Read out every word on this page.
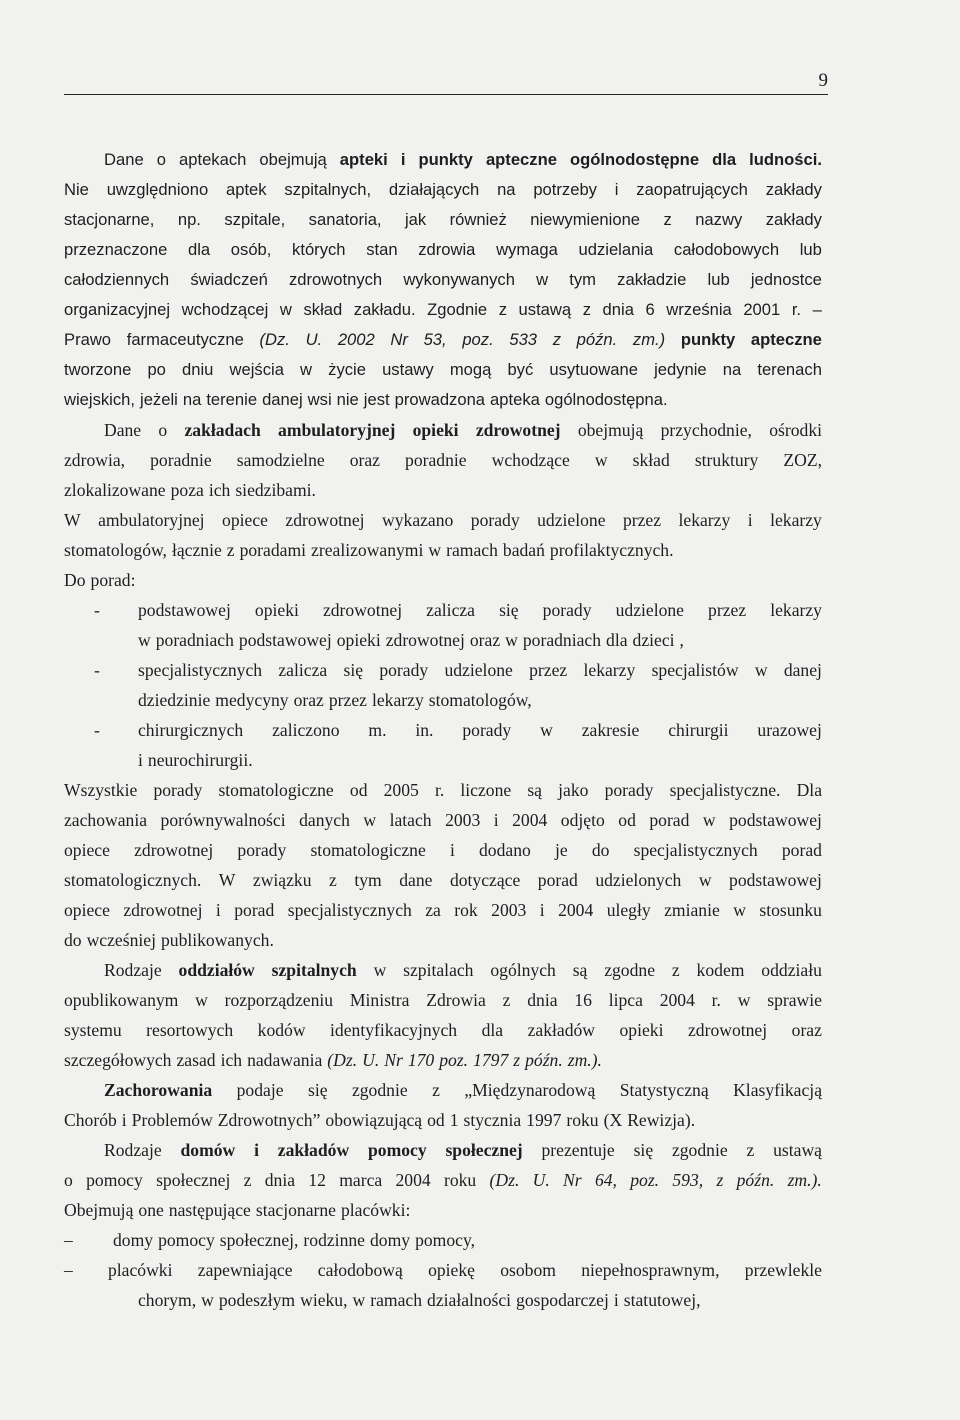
9
Dane o aptekach obejmują apteki i punkty apteczne ogólnodostępne dla ludności.
Nie uwzględniono aptek szpitalnych, działających na potrzeby i zaopatrujących zakłady
stacjonarne, np. szpitale, sanatoria, jak również niewymienione z nazwy zakłady
przeznaczone dla osób, których stan zdrowia wymaga udzielania całodobowych lub
całodziennych świadczeń zdrowotnych wykonywanych w tym zakładzie lub jednostce
organizacyjnej wchodzącej w skład zakładu. Zgodnie z ustawą z dnia 6 września 2001 r. –
Prawo farmaceutyczne (Dz. U. 2002 Nr 53, poz. 533 z późn. zm.) punkty apteczne
tworzone po dniu wejścia w życie ustawy mogą być usytuowane jedynie na terenach
wiejskich, jeżeli na terenie danej wsi nie jest prowadzona apteka ogólnodostępna.
Dane o zakładach ambulatoryjnej opieki zdrowotnej obejmują przychodnie, ośrodki
zdrowia, poradnie samodzielne oraz poradnie wchodzące w skład struktury ZOZ,
zlokalizowane poza ich siedzibami.
W ambulatoryjnej opiece zdrowotnej wykazano porady udzielone przez lekarzy i lekarzy
stomatologów, łącznie z poradami zrealizowanymi w ramach badań profilaktycznych.
Do porad:
-	podstawowej opieki zdrowotnej zalicza się porady udzielone przez lekarzy
w poradniach podstawowej opieki zdrowotnej oraz w poradniach dla dzieci ,
-	specjalistycznych zalicza się porady udzielone przez lekarzy specjalistów w danej
dziedzinie medycyny oraz przez lekarzy stomatologów,
-	chirurgicznych zaliczono m. in. porady w zakresie chirurgii urazowej
i neurochirurgii.
Wszystkie porady stomatologiczne od 2005 r. liczone są jako porady specjalistyczne. Dla
zachowania porównywalności danych w latach 2003 i 2004 odjęto od porad w podstawowej
opiece zdrowotnej porady stomatologiczne i dodano je do specjalistycznych porad
stomatologicznych. W związku z tym dane dotyczące porad udzielonych w podstawowej
opiece zdrowotnej i porad specjalistycznych za rok 2003 i 2004 uległy zmianie w stosunku
do wcześniej publikowanych.
Rodzaje oddziałów szpitalnych w szpitalach ogólnych są zgodne z kodem oddziału
opublikowanym w rozporządzeniu Ministra Zdrowia z dnia 16 lipca 2004 r. w sprawie
systemu resortowych kodów identyfikacyjnych dla zakładów opieki zdrowotnej oraz
szczegółowych zasad ich nadawania (Dz. U. Nr 170 poz. 1797 z późn. zm.).
Zachorowania podaje się zgodnie z „Międzynarodową Statystyczną Klasyfikacją
Chorób i Problemów Zdrowotnych” obowiązującą od 1 stycznia 1997 roku (X Rewizja).
Rodzaje domów i zakładów pomocy społecznej prezentuje się zgodnie z ustawą
o pomocy społecznej z dnia 12 marca 2004 roku (Dz. U. Nr 64, poz. 593, z późn. zm.).
Obejmują one następujące stacjonarne placówki:
–	domy pomocy społecznej, rodzinne domy pomocy,
–	placówki zapewniające całodobową opiekę osobom niepełnosprawnym, przewlekle
chorym, w podeszłym wieku, w ramach działalności gospodarczej i statutowej,
